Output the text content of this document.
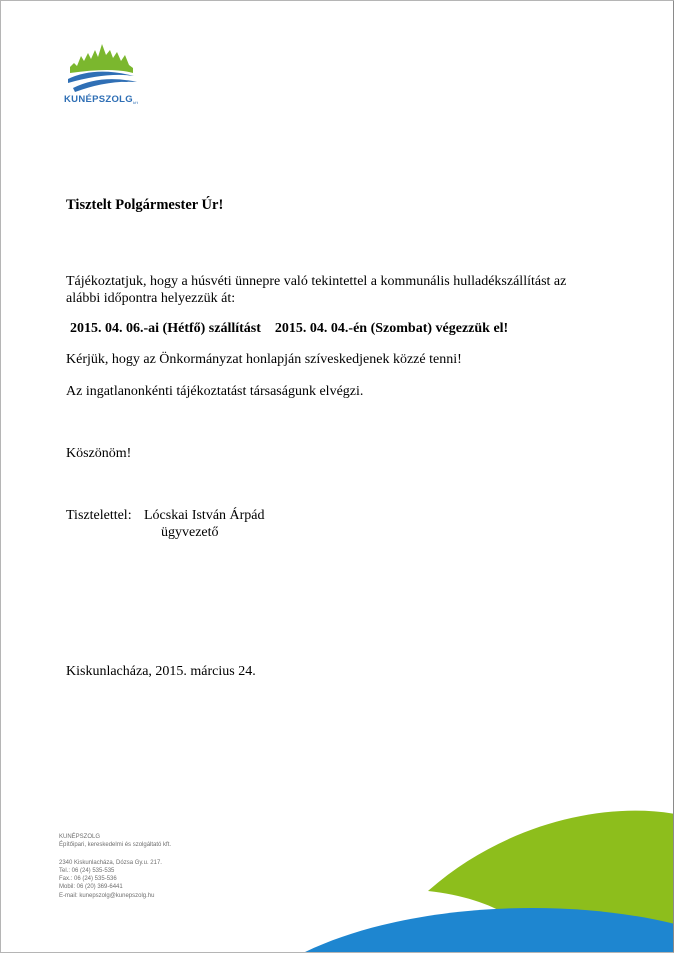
KUNÉPSZOLGkft
Tisztelt Polgármester Úr!
Tájékoztatjuk, hogy a húsvéti ünnepre való tekintettel a kommunális hulladékszállítást az alábbi időpontra helyezzük át:
2015. 04. 06.-ai (Hétfő) szállítást 2015. 04. 04.-én (Szombat) végezzük el!
Kérjük, hogy az Önkormányzat honlapján szíveskedjenek közzé tenni!
Az ingatlanonkénti tájékoztatást társaságunk elvégzi.
Köszönöm!
Tisztelettel: Lócskai István Árpád
ügyvezető
Kiskunlacháza, 2015. március 24.
KUNÉPSZOLG
Építőipari, kereskedelmi és szolgáltató kft.
2340 Kiskunlacháza, Dózsa Gy.u. 217.
Tel.: 06 (24) 535-535
Fax.: 06 (24) 535-536
Mobil: 06 (20) 369-6441
E-mail: kunepszolg@kunepszolg.hu
